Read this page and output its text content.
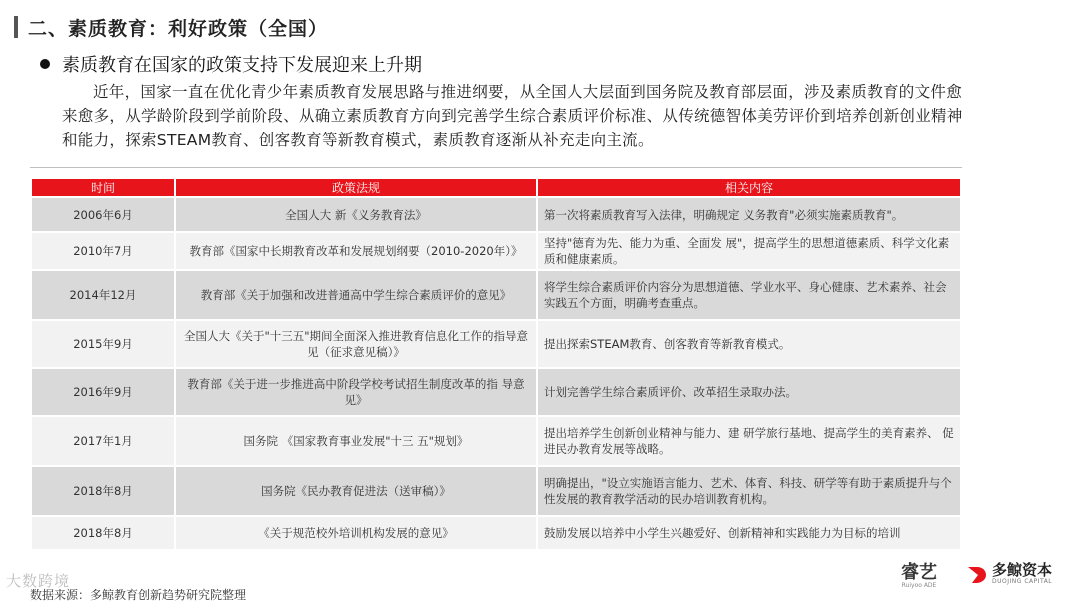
二、素质教育：利好政策（全国）
素质教育在国家的政策支持下发展迎来上升期
近年，国家一直在优化青少年素质教育发展思路与推进纲要，从全国人大层面到国务院及教育部层面，涉及素质教育的文件愈来愈多，从学龄阶段到学前阶段、从确立素质教育方向到完善学生综合素质评价标准、从传统德智体美劳评价到培养创新创业精神和能力，探索STEAM教育、创客教育等新教育模式，素质教育逐渐从补充走向主流。
时间	政策法规	相关内容
2006年6月	全国人大 新《义务教育法》	第一次将素质教育写入法律，明确规定 义务教育"必须实施素质教育"。
2010年7月	教育部《国家中长期教育改革和发展规划纲要（2010-2020年）》	坚持"德育为先、能力为重、全面发 展"，提高学生的思想道德素质、科学文化素质和健康素质。
2014年12月	教育部《关于加强和改进普通高中学生综合素质评价的意见》	将学生综合素质评价内容分为思想道德、学业水平、身心健康、艺术素养、社会 实践五个方面，明确考查重点。
2015年9月	全国人大《关于"十三五"期间全面深入推进教育信息化工作的指导意见（征求意见稿）》	提出探索STEAM教育、创客教育等新教育模式。
2016年9月	教育部《关于进一步推进高中阶段学校考试招生制度改革的指 导意见》	计划完善学生综合素质评价、改革招生录取办法。
2017年1月	国务院 《国家教育事业发展"十三 五"规划》	提出培养学生创新创业精神与能力、建 研学旅行基地、提高学生的美育素养、 促进民办教育发展等战略。
2018年8月	国务院《民办教育促进法（送审稿）》	明确提出，"设立实施语言能力、艺术、体育、科技、研学等有助于素质提升与个性发展的教育教学活动的民办培训教育机构。
2018年8月	《关于规范校外培训机构发展的意见》	鼓励发展以培养中小学生兴趣爱好、创新精神和实践能力为目标的培训
大数跨境
数据来源：多鲸教育创新趋势研究院整理
睿艺
Ruiyoo ADE
多鲸资本
DUOJING CAPITAL
